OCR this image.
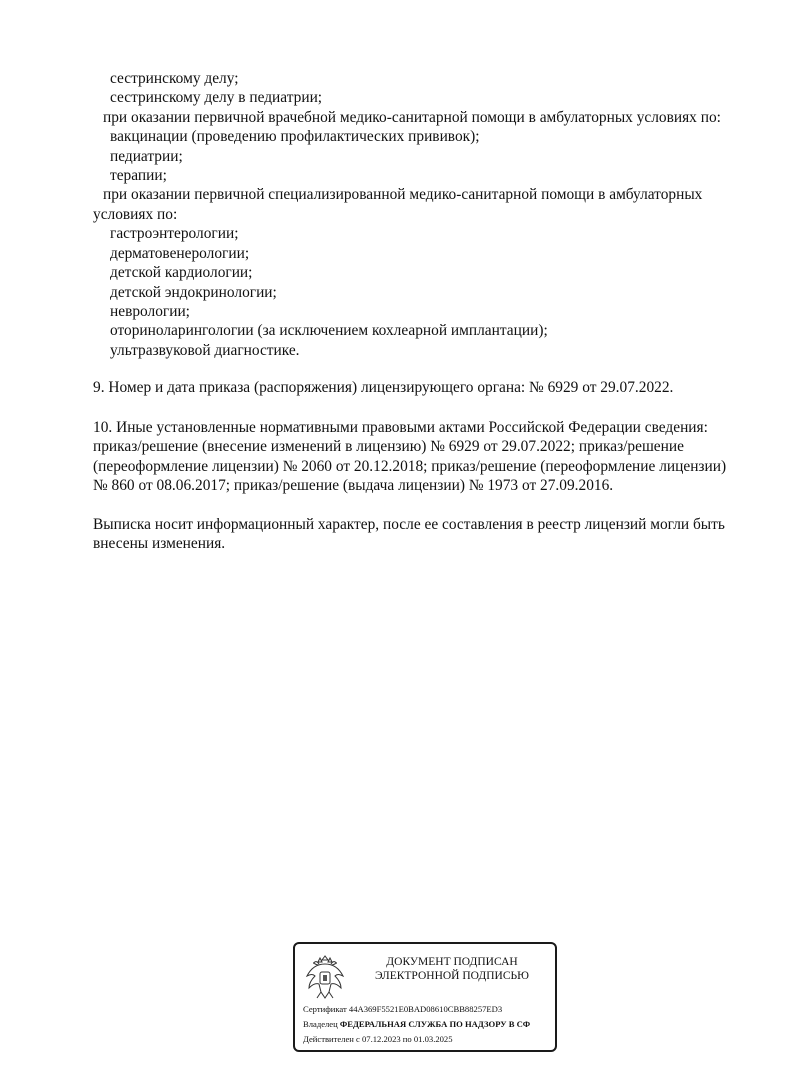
сестринскому делу;
сестринскому делу в педиатрии;
при оказании первичной врачебной медико-санитарной помощи в амбулаторных условиях по:
вакцинации (проведению профилактических прививок);
педиатрии;
терапии;
при оказании первичной специализированной медико-санитарной помощи в амбулаторных
условиях по:
гастроэнтерологии;
дерматовенерологии;
детской кардиологии;
детской эндокринологии;
неврологии;
оториноларингологии (за исключением кохлеарной имплантации);
ультразвуковой диагностике.
9. Номер и дата приказа (распоряжения) лицензирующего органа: № 6929 от 29.07.2022.
10. Иные установленные нормативными правовыми актами Российской Федерации сведения:
приказ/решение (внесение изменений в лицензию) № 6929 от 29.07.2022; приказ/решение
(переоформление лицензии) № 2060 от 20.12.2018; приказ/решение (переоформление лицензии)
№ 860 от 08.06.2017; приказ/решение (выдача лицензии) № 1973 от 27.09.2016.
Выписка носит информационный характер, после ее составления в реестр лицензий могли быть
внесены изменения.
ДОКУМЕНТ ПОДПИСАН
ЭЛЕКТРОННОЙ ПОДПИСЬЮ
Сертификат 44A369F5521E0BAD08610CBB88257ED3
Владелец ФЕДЕРАЛЬНАЯ СЛУЖБА ПО НАДЗОРУ В СФ
Действителен с 07.12.2023 по 01.03.2025
